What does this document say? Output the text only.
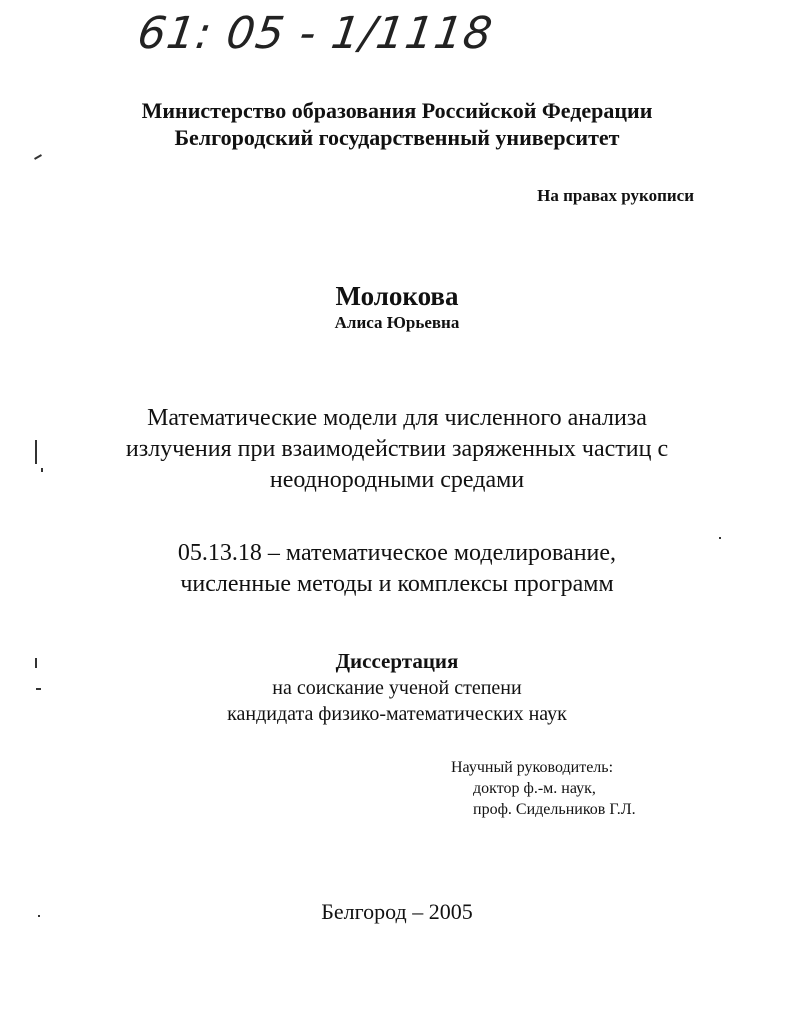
61: 05 - 1/1118
Министерство образования Российской Федерации
Белгородский государственный университет
На правах рукописи
Молокова
Алиса Юрьевна
Математические модели для численного анализа
излучения при взаимодействии заряженных частиц с
неоднородными средами
05.13.18 – математическое моделирование,
численные методы и комплексы программ
Диссертация
на соискание ученой степени
кандидата физико-математических наук
Научный руководитель:
доктор ф.-м. наук,
проф. Сидельников Г.Л.
Белгород – 2005
